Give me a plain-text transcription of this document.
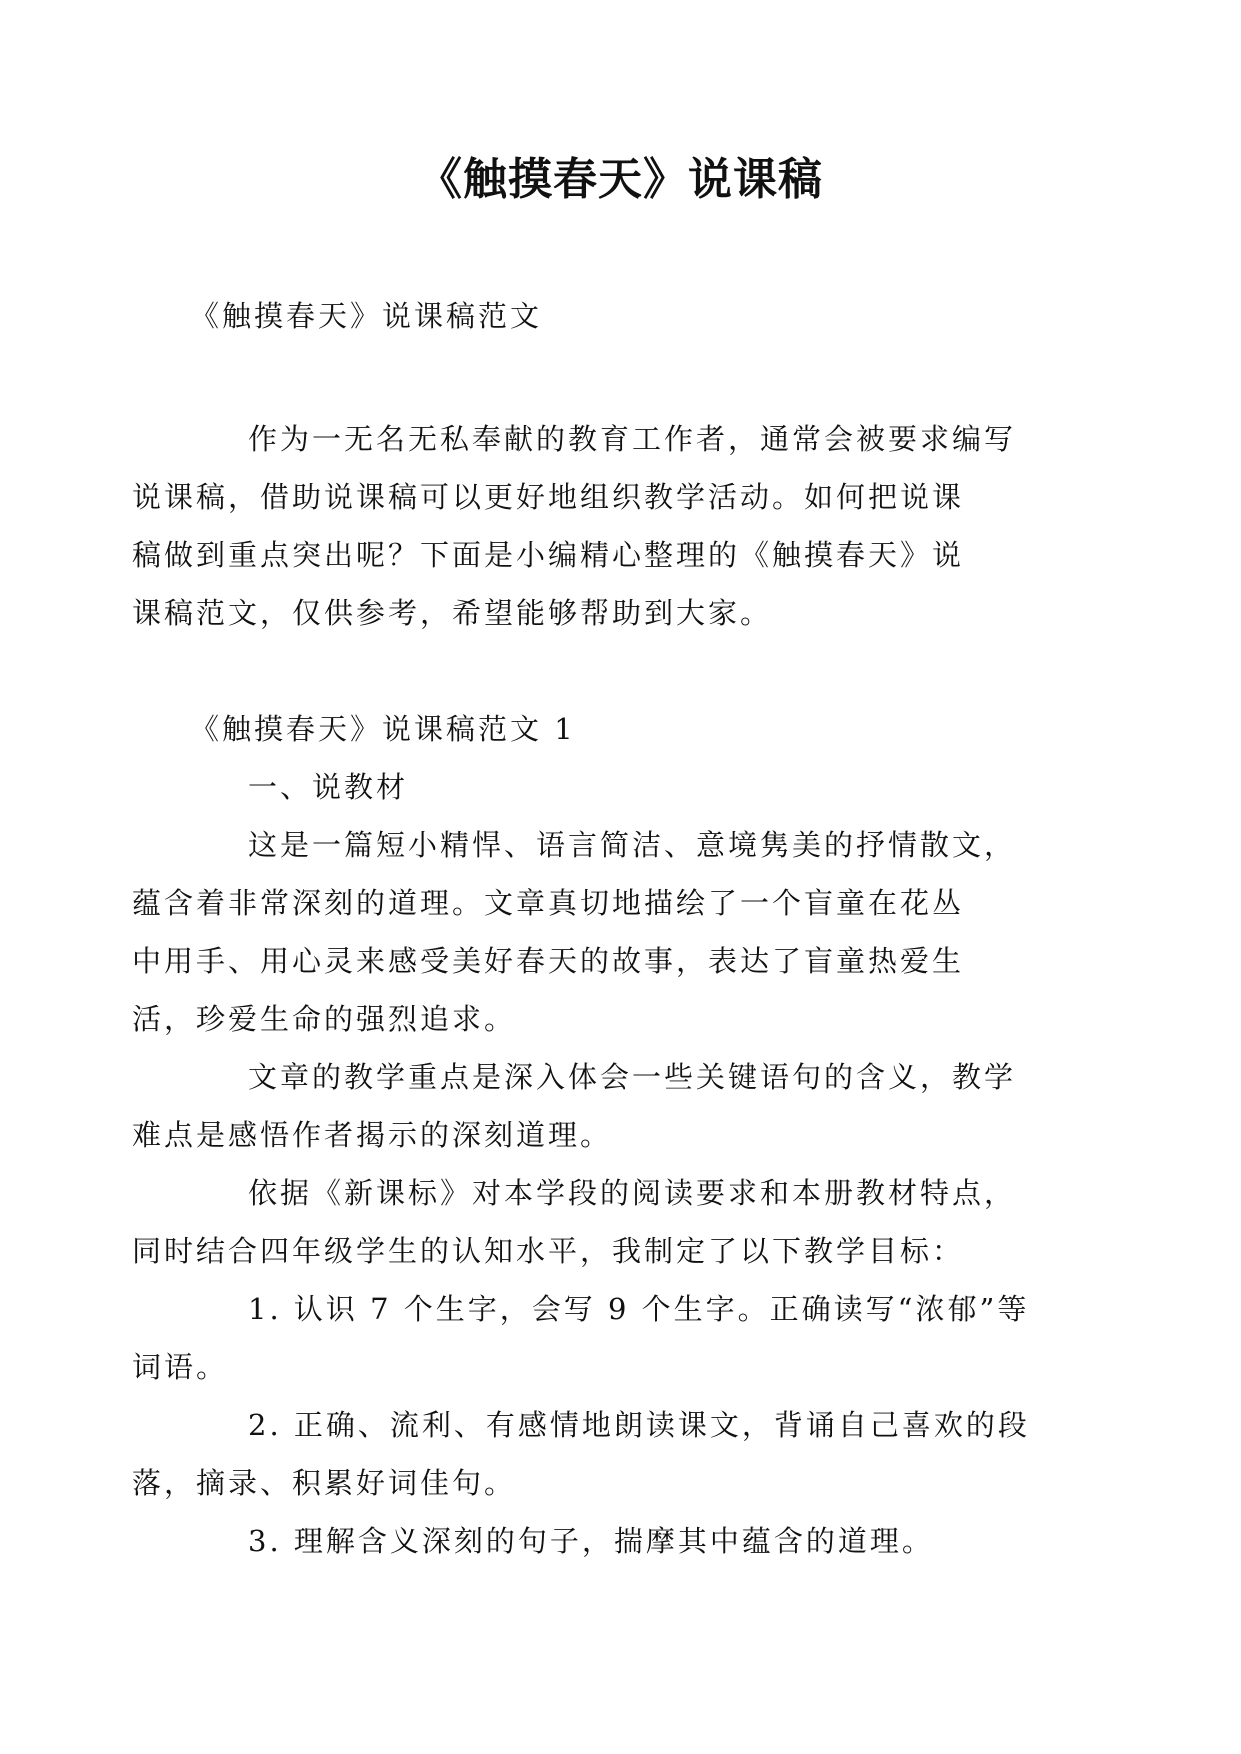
《触摸春天》说课稿
《触摸春天》说课稿范文

作为一无名无私奉献的教育工作者，通常会被要求编写
说课稿，借助说课稿可以更好地组织教学活动。如何把说课
稿做到重点突出呢？下面是小编精心整理的《触摸春天》说
课稿范文，仅供参考，希望能够帮助到大家。

《触摸春天》说课稿范文 1

一、说教材

这是一篇短小精悍、语言简洁、意境隽美的抒情散文，
蕴含着非常深刻的道理。文章真切地描绘了一个盲童在花丛
中用手、用心灵来感受美好春天的故事，表达了盲童热爱生
活，珍爱生命的强烈追求。

文章的教学重点是深入体会一些关键语句的含义，教学
难点是感悟作者揭示的深刻道理。

依据《新课标》对本学段的阅读要求和本册教材特点，
同时结合四年级学生的认知水平，我制定了以下教学目标：

1. 认识 7 个生字，会写 9 个生字。正确读写“浓郁”等
词语。

2. 正确、流利、有感情地朗读课文，背诵自己喜欢的段
落，摘录、积累好词佳句。

3. 理解含义深刻的句子，揣摩其中蕴含的道理。
